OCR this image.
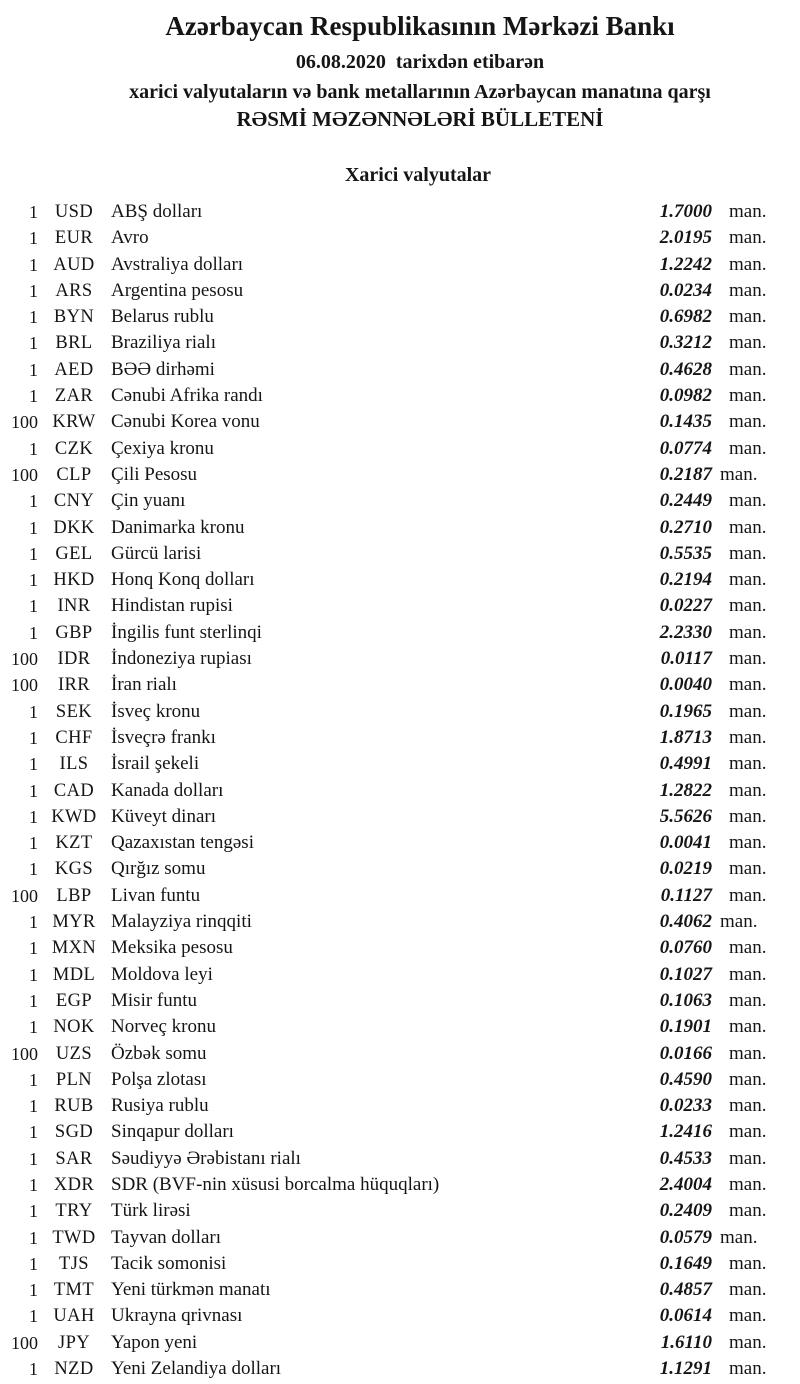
Azərbaycan Respublikasının Mərkəzi Bankı
06.08.2020  tarixdən etibarən
xarici valyutaların və bank metallarının Azərbaycan manatına qarşı
RƏSMİ MƏZƏNNƏLƏRİ BÜLLETENİ
Xarici valyutalar
1 USD ABŞ dolları	1.7000 man.
1 EUR Avro	2.0195 man.
1 AUD Avstraliya dolları	1.2242 man.
1 ARS Argentina pesosu	0.0234 man.
1 BYN Belarus rublu	0.6982 man.
1 BRL Braziliya rialı	0.3212 man.
1 AED BƏƏ dirhəmi	0.4628 man.
1 ZAR Cənubi Afrika randı	0.0982 man.
100 KRW Cənubi Korea vonu	0.1435 man.
1 CZK Çexiya kronu	0.0774 man.
100 CLP	Çili Pesosu	0.2187 man.
1 CNY Çin yuanı	0.2449 man.
1 DKK Danimarka kronu	0.2710 man.
1 GEL Gürcü larisi	0.5535 man.
1 HKD Honq Konq dolları	0.2194 man.
1	INR	Hindistan rupisi	0.0227 man.
1 GBP İngilis funt sterlinqi	2.2330 man.
100	IDR	İndoneziya rupiası	0.0117 man.
100	IRR	İran rialı	0.0040 man.
1 SEK İsveç kronu	0.1965 man.
1 CHF İsveçrə frankı	1.8713 man.
1	ILS	İsrail şekeli	0.4991 man.
1 CAD Kanada dolları	1.2822 man.
1 KWD Küveyt dinarı	5.5626 man.
1 KZT Qazaxıstan tengəsi	0.0041 man.
1 KGS Qırğız somu	0.0219 man.
100 LBP	Livan funtu	0.1127 man.
1 MYR Malayziya rinqqiti	0.4062 man.
1 MXN Meksika pesosu	0.0760 man.
1 MDL Moldova leyi	0.1027 man.
1 EGP Misir funtu	0.1063 man.
1 NOK Norveç kronu	0.1901 man.
100 UZS Özbək somu	0.0166 man.
1 PLN Polşa zlotası	0.4590 man.
1 RUB Rusiya rublu	0.0233 man.
1 SGD Sinqapur dolları	1.2416 man.
1 SAR Səudiyyə Ərəbistanı rialı	0.4533 man.
1 XDR SDR (BVF-nin xüsusi borcalma hüquqları)	2.4004 man.
1 TRY Türk lirəsi	0.2409 man.
1 TWD Tayvan dolları	0.0579 man.
1	TJS	Tacik somonisi	0.1649 man.
1 TMT Yeni türkmən manatı	0.4857 man.
1 UAH Ukrayna qrivnası	0.0614 man.
100	JPY	Yapon yeni	1.6110 man.
1 NZD Yeni Zelandiya dolları	1.1291 man.
